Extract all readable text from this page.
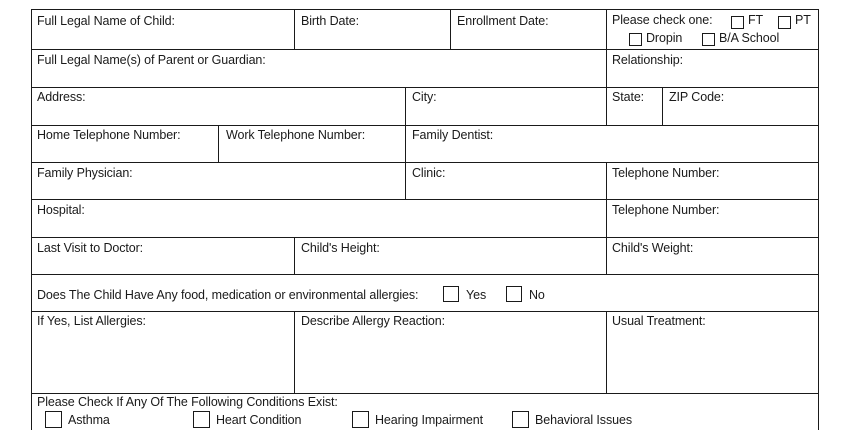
Full Legal Name of Child:	Birth Date:	Enrollment Date:	Please check one:	FT	PT
Dropin	B/A School
Full Legal Name(s) of Parent or Guardian:	Relationship:
Address:	City:	State: ZIP Code:
Home Telephone Number:	Work Telephone Number:	Family Dentist:
Family Physician:	Clinic:	Telephone Number:
Hospital:	Telephone Number:
Last Visit to Doctor:	Child's Height:	Child's Weight:
Does The Child Have Any food, medication or environmental allergies:	Yes	No
If Yes, List Allergies:	Describe Allergy Reaction:	Usual Treatment:
Please Check If Any Of The Following Conditions Exist:
Asthma	Heart Condition	Hearing Impairment	Behavioral Issues
